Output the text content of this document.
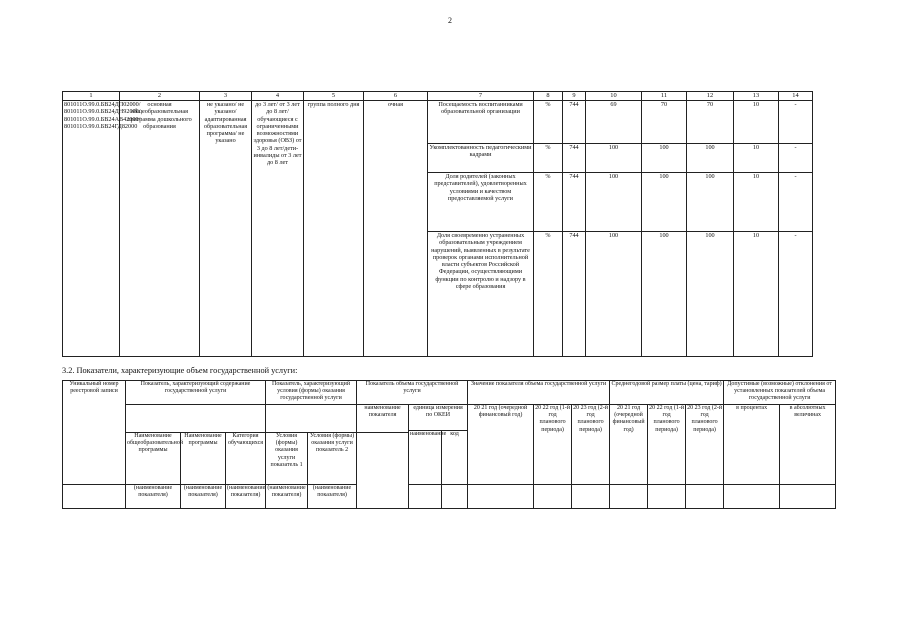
2
1	2	3	4	5	6	7	8	9	10	11	12	13	14
801011О.99.0.БВ24ДП02000/ 801011О.99.0.БВ24ДН92000/ 801011О.99.0.БВ24АВ42000/ 801011О.99.0.БВ24ГД82000	основная общеобразовательная программа дошкольного образования	не указано/ не указано/ адаптированная образовательная программа/ не указано	до 3 лет/ от 3 лет до 8 лет/ обучающиеся с ограниченными возможностями здоровья (ОВЗ) от 3 до 8 лет/дети-инвалиды от 3 лет до 8 лет	группа полного дня	очная	Посещаемость воспитанниками образовательной организации	%	744	69	70	70	10	-
						Укомплектованность педагогическими кадрами	%	744	100	100	100	10	-
						Доля родителей (законных представителей), удовлетворенных условиями и качеством предоставляемой услуги	%	744	100	100	100	10	-
						Доля своевременно устраненных образовательным учреждением нарушений, выявленных в результате проверок органами исполнительной власти субъектов Российской Федерации, осуществляющими функции по контролю и надзору в сфере образования	%	744	100	100	100	10	-
3.2. Показатели, характеризующие объем государственной услуги:
Уникальный номер реестровой записи	Показатель, характеризующий содержание государственной услуги			Показатель, характеризующий условия (формы) оказания государственной услуги		Показатель объема государственной услуги			Значение показателя объема государственной услуги			Среднегодовой размер платы (цена, тариф)			Допустимые (возможные) отклонения от установленных показателей объема государственной услуги	
						наименование показателя	единица измерения по ОКЕИ		20 21 год (очередной финансовый год)	20 22 год (1-й год планового периода)	20 23 год (2-й год планового периода)	20 21 год (очередной финансовый год)	20 22 год (1-й год планового периода)	20 23 год (2-й год планового периода)	в процентах	в абсолютных величинах
							наименование	код								
	Наименование общеобразовательной программы	Наименование программы	Категория обучающихся	Условия (формы) оказания услуги показатель 1	Условия (формы) оказания услуги показатель 2											
	(наименование показателя)	(наименование показателя)	(наименование показателя)	(наименование показателя)	(наименование показателя)											
